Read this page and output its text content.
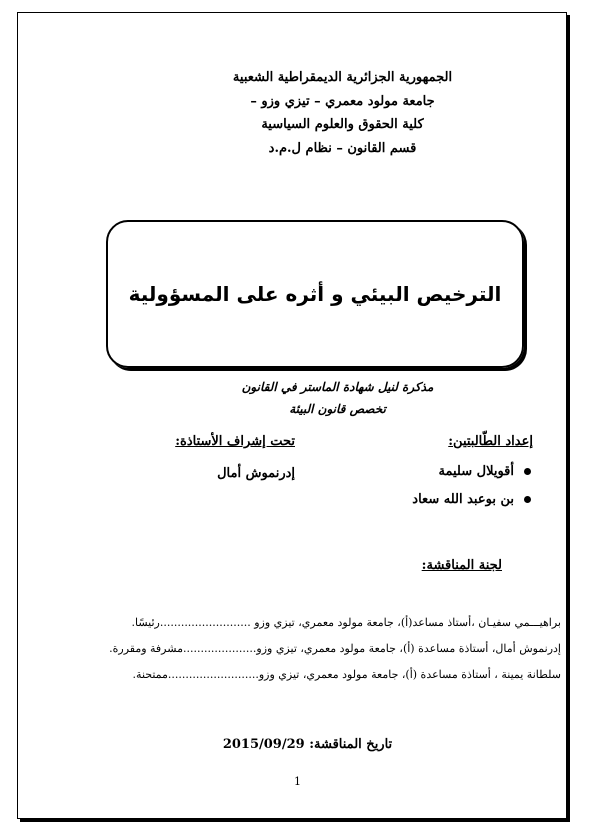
الجمهورية الجزائرية الديمقراطية الشعبية
جامعة مولود معمري – تيزي وزو –
كلية الحقوق والعلوم السياسية
قسم القانون – نظام ل.م.د
الترخيص البيئي و أثره على المسؤولية
مذكرة لنيل شهادة الماستر في القانون
تخصص قانون البيئة
إعداد الطّالبتين:
تحت إشراف الأستاذة:
أقويلال سليمة
بن بوعبد الله سعاد
إدرنموش أمال
لجنة المناقشة:
براهيـــمي سفيـان ،أستاذ مساعد(أ)، جامعة مولود معمري، تيزي وزو ..........................رئيسًا.
إدرنموش أمال، أستاذة مساعدة (أ)، جامعة مولود معمري، تيزي وزو.....................مشرفة ومقررة.
سلطانة يمينة ، أستاذة مساعدة (أ)، جامعة مولود معمري، تيزي وزو..........................ممتحنة.
تاريخ المناقشة: 2015/09/29
1
